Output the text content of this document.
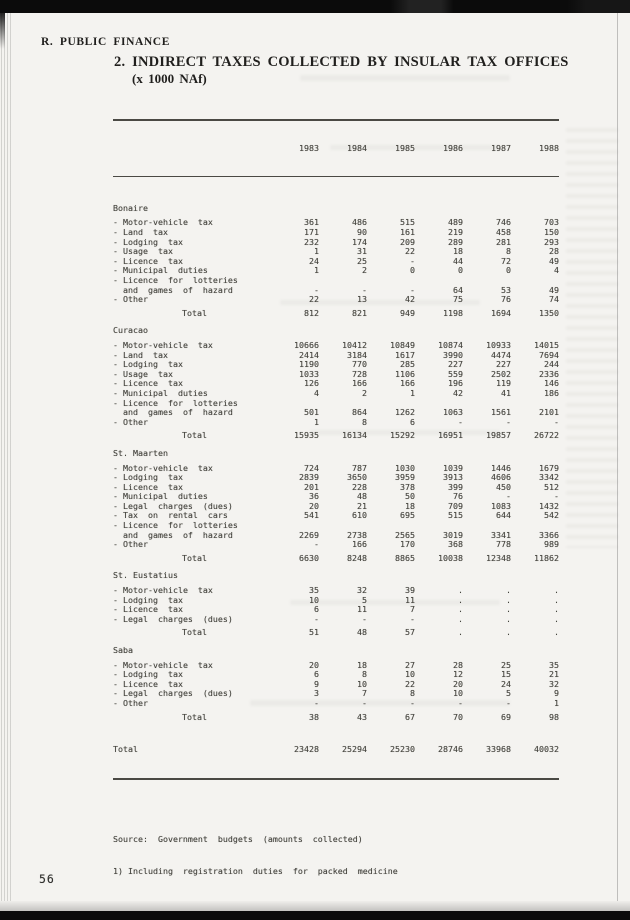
R. PUBLIC FINANCE
2. INDIRECT TAXES COLLECTED BY INSULAR TAX OFFICES
(x 1000 NAf)

1983	1984	1985	1986	1987	1988

Bonaire
- Motor-vehicle  tax	361	486	515	489	746	703
- Land  tax	171	90	161	219	458	150
- Lodging  tax	232	174	209	289	281	293
- Usage  tax	1	31	22	18	8	28
- Licence  tax	24	25	-	44	72	49
- Municipal  duties	1	2	0	0	0	4
- Licence  for  lotteries
and  games  of  hazard	-	-	-	64	53	49
- Other	22	13	42	75	76	74
Total	812	821	949	1198	1694	1350
Curacao
- Motor-vehicle  tax	10666	10412	10849	10874	10933	14015
- Land  tax	2414	3184	1617	3990	4474	7694
- Lodging  tax	1190	770	285	227	227	244
- Usage  tax	1033	728	1106	559	2502	2336
- Licence  tax	126	166	166	196	119	146
- Municipal  duties	4	2	1	42	41	186
- Licence  for  lotteries
and  games  of  hazard	501	864	1262	1063	1561	2101
- Other	1	8	6	-	-	-
Total	15935	16134	15292	16951	19857	26722
St. Maarten
- Motor-vehicle  tax	724	787	1030	1039	1446	1679
- Lodging  tax	2839	3650	3959	3913	4606	3342
- Licence  tax	201	228	378	399	450	512
- Municipal  duties	36	48	50	76	-	-
- Legal  charges  (dues)	20	21	18	709	1083	1432
- Tax  on  rental  cars	541	610	695	515	644	542
- Licence  for  lotteries
and  games  of  hazard	2269	2738	2565	3019	3341	3366
- Other	-	166	170	368	778	989
Total	6630	8248	8865	10038	12348	11862
St. Eustatius
- Motor-vehicle  tax	35	32	39	.	.	.
- Lodging  tax	10	5	11	.	.	.
- Licence  tax	6	11	7	.	.	.
- Legal  charges  (dues)	-	-	-	.	.	.
Total	51	48	57	.	.	.
Saba
- Motor-vehicle  tax	20	18	27	28	25	35
- Lodging  tax	6	8	10	12	15	21
- Licence  tax	9	10	22	20	24	32
- Legal  charges  (dues)	3	7	8	10	5	9
- Other	-	-	-	-	-	1
Total	38	43	67	70	69	98

Total	23428	25294	25230	28746	33968	40032

Source:  Government  budgets  (amounts  collected)

1) Including  registration  duties  for  packed  medicine

56
